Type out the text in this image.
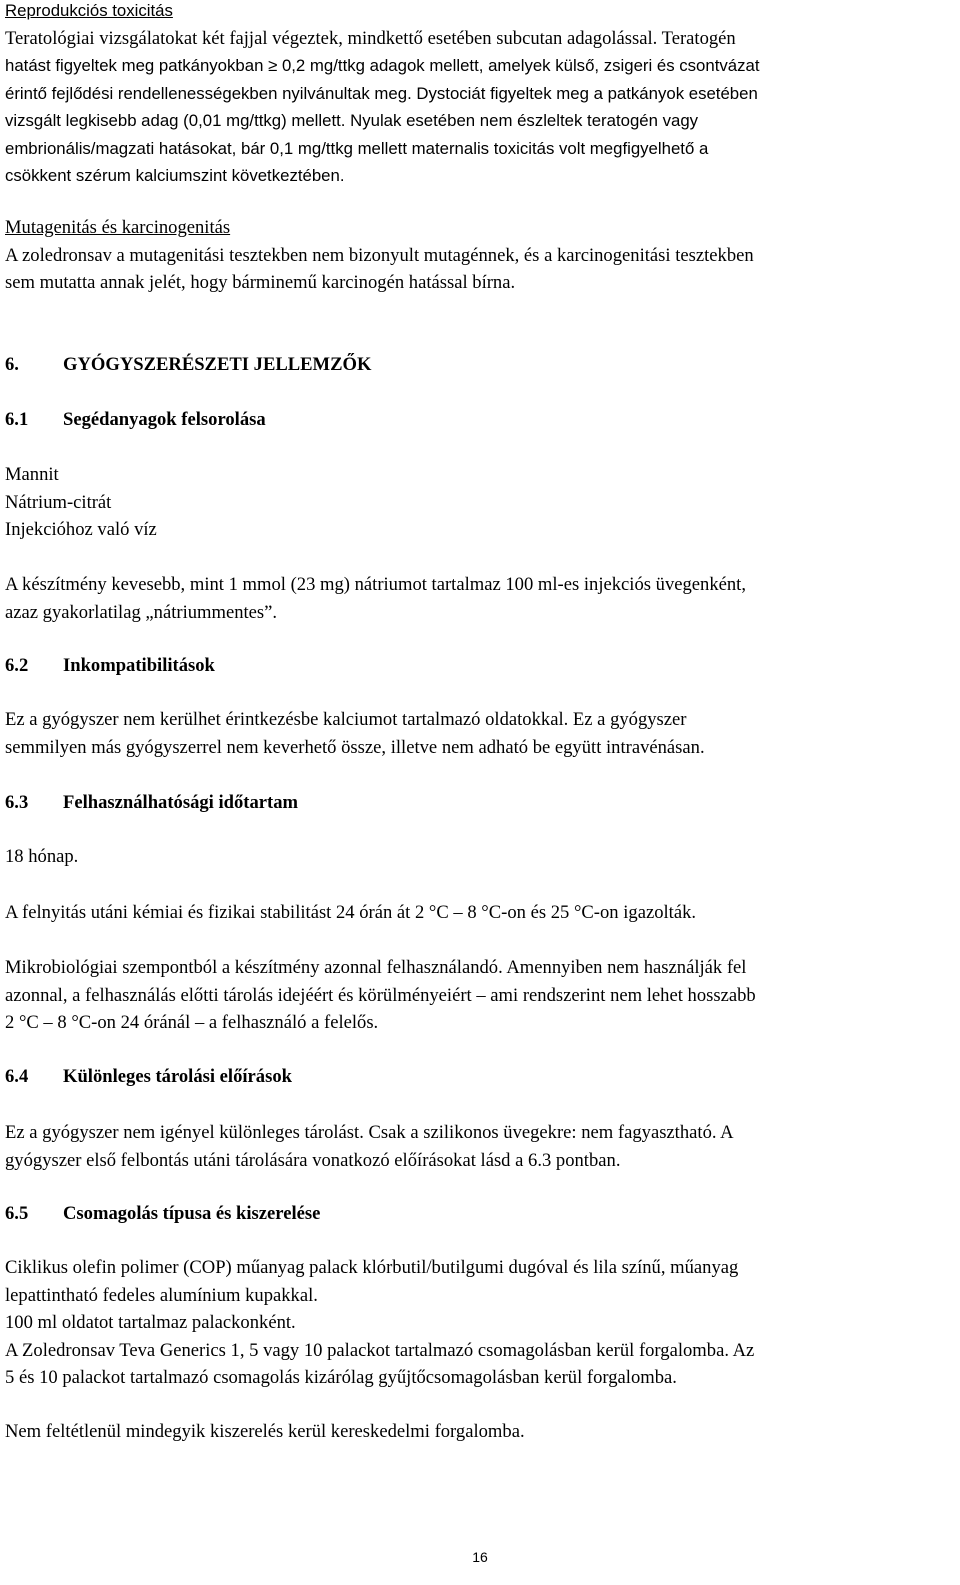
Reprodukciós toxicitás
Teratológiai vizsgálatokat két fajjal végeztek, mindkettő esetében subcutan adagolással. Teratogén
hatást figyeltek meg patkányokban ≥ 0,2 mg/ttkg adagok mellett, amelyek külső, zsigeri és csontvázat
érintő fejlődési rendellenességekben nyilvánultak meg. Dystociát figyeltek meg a patkányok esetében
vizsgált legkisebb adag (0,01 mg/ttkg) mellett. Nyulak esetében nem észleltek teratogén vagy
embrionális/magzati hatásokat, bár 0,1 mg/ttkg mellett maternalis toxicitás volt megfigyelhető a
csökkent szérum kalciumszint következtében.
Mutagenitás és karcinogenitás
A zoledronsav a mutagenitási tesztekben nem bizonyult mutagénnek, és a karcinogenitási tesztekben
sem mutatta annak jelét, hogy bárminemű karcinogén hatással bírna.
6. GYÓGYSZERÉSZETI JELLEMZŐK
6.1 Segédanyagok felsorolása
Mannit
Nátrium-citrát
Injekcióhoz való víz
A készítmény kevesebb, mint 1 mmol (23 mg) nátriumot tartalmaz 100 ml-es injekciós üvegenként,
azaz gyakorlatilag „nátriummentes”.
6.2 Inkompatibilitások
Ez a gyógyszer nem kerülhet érintkezésbe kalciumot tartalmazó oldatokkal. Ez a gyógyszer
semmilyen más gyógyszerrel nem keverhető össze, illetve nem adható be együtt intravénásan.
6.3 Felhasználhatósági időtartam
18 hónap.
A felnyitás utáni kémiai és fizikai stabilitást 24 órán át 2 °C – 8 °C-on és 25 °C-on igazolták.
Mikrobiológiai szempontból a készítmény azonnal felhasználandó. Amennyiben nem használják fel
azonnal, a felhasználás előtti tárolás idejéért és körülményeiért – ami rendszerint nem lehet hosszabb
2 °C – 8 °C-on 24 óránál – a felhasználó a felelős.
6.4 Különleges tárolási előírások
Ez a gyógyszer nem igényel különleges tárolást. Csak a szilikonos üvegekre: nem fagyasztható. A
gyógyszer első felbontás utáni tárolására vonatkozó előírásokat lásd a 6.3 pontban.
6.5 Csomagolás típusa és kiszerelése
Ciklikus olefin polimer (COP) műanyag palack klórbutil/butilgumi dugóval és lila színű, műanyag
lepattintható fedeles alumínium kupakkal.
100 ml oldatot tartalmaz palackonként.
A Zoledronsav Teva Generics 1, 5 vagy 10 palackot tartalmazó csomagolásban kerül forgalomba. Az
5 és 10 palackot tartalmazó csomagolás kizárólag gyűjtőcsomagolásban kerül forgalomba.
Nem feltétlenül mindegyik kiszerelés kerül kereskedelmi forgalomba.
16
